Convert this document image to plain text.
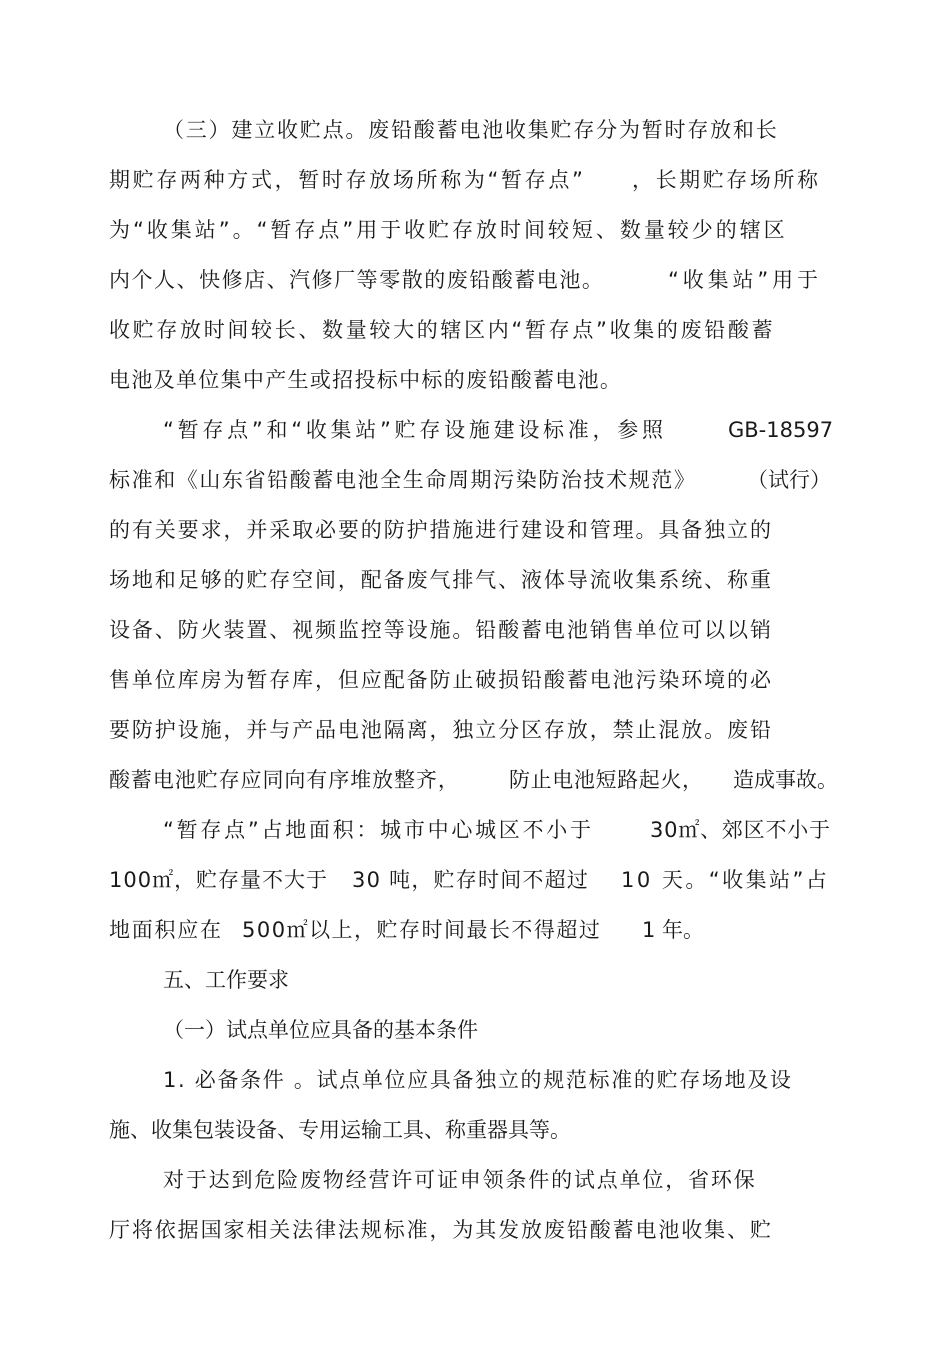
（ 三 ） 建 立 收 贮 点 。 废 铅 酸 蓄 电 池 收 集 贮 存 分 为 暂 时 存 放 和 长
期 贮 存 两 种 方 式 ， 暂 时 存 放 场 所 称 为 “ 暂 存 点 ” ， 长 期 贮 存 场 所 称
为 “ 收 集 站 ” 。 “ 暂 存 点 ” 用 于 收 贮 存 放 时 间 较 短 、 数 量 较 少 的 辖 区
内 个 人 、 快 修 店 、 汽 修 厂 等 零 散 的 废 铅 酸 蓄 电 池 。	“ 收 集 站 ” 用 于
收 贮 存 放 时 间 较 长 、 数 量 较 大 的 辖 区 内 “ 暂 存 点 ” 收 集 的 废 铅 酸 蓄
电 池 及 单 位 集 中 产 生 或 招 投 标 中 标 的 废 铅 酸 蓄 电 池 。
“ 暂 存 点 ” 和 “ 收 集 站 ” 贮 存 设 施 建 设 标 准 ， 参 照	GB-18597
标 准 和 《 山 东 省 铅 酸 蓄 电 池 全 生 命 周 期 污 染 防 治 技 术 规 范 》 （ 试 行 ）
的 有 关 要 求 ， 并 采 取 必 要 的 防 护 措 施 进 行 建 设 和 管 理 。 具 备 独 立 的
场 地 和 足 够 的 贮 存 空 间 ， 配 备 废 气 排 气 、 液 体 导 流 收 集 系 统 、 称 重
设 备 、 防 火 装 置 、 视 频 监 控 等 设 施 。 铅 酸 蓄 电 池 销 售 单 位 可 以 以 销
售 单 位 库 房 为 暂 存 库 ， 但 应 配 备 防 止 破 损 铅 酸 蓄 电 池 污 染 环 境 的 必
要 防 护 设 施 ， 并 与 产 品 电 池 隔 离 ， 独 立 分 区 存 放 ， 禁 止 混 放 。 废 铅
酸 蓄 电 池 贮 存 应 同 向 有 序 堆 放 整 齐 ， 防 止 电 池 短 路 起 火 ， 造 成 事 故 。
“ 暂 存 点 ” 占 地 面 积 ： 城 市 中 心 城 区 不 小 于	3 0 ㎡ 、 郊 区 不 小 于
1 0 0 ㎡ ， 贮 存 量 不 大 于 3 0
吨 ， 贮 存 时 间 不 超 过 1 0
天 。 “ 收 集 站 ” 占
地 面 积 应 在 5 0 0 ㎡ 以 上 ， 贮 存 时 间 最 长 不 得 超 过 1 年。
五、工作要求
（一）试点单位应具备的基本条件
1 .
必 备 条 件
。 试 点 单 位 应 具 备 独 立 的 规 范 标 准 的 贮 存 场 地 及 设
施、收集包装设备、专用运输工具、称重器具等。
对 于 达 到 危 险 废 物 经 营 许 可 证 申 领 条 件 的 试 点 单 位 ， 省 环 保
厅 将 依 据 国 家 相 关 法 律 法 规 标 准 ， 为 其 发 放 废 铅 酸 蓄 电 池 收 集 、 贮
